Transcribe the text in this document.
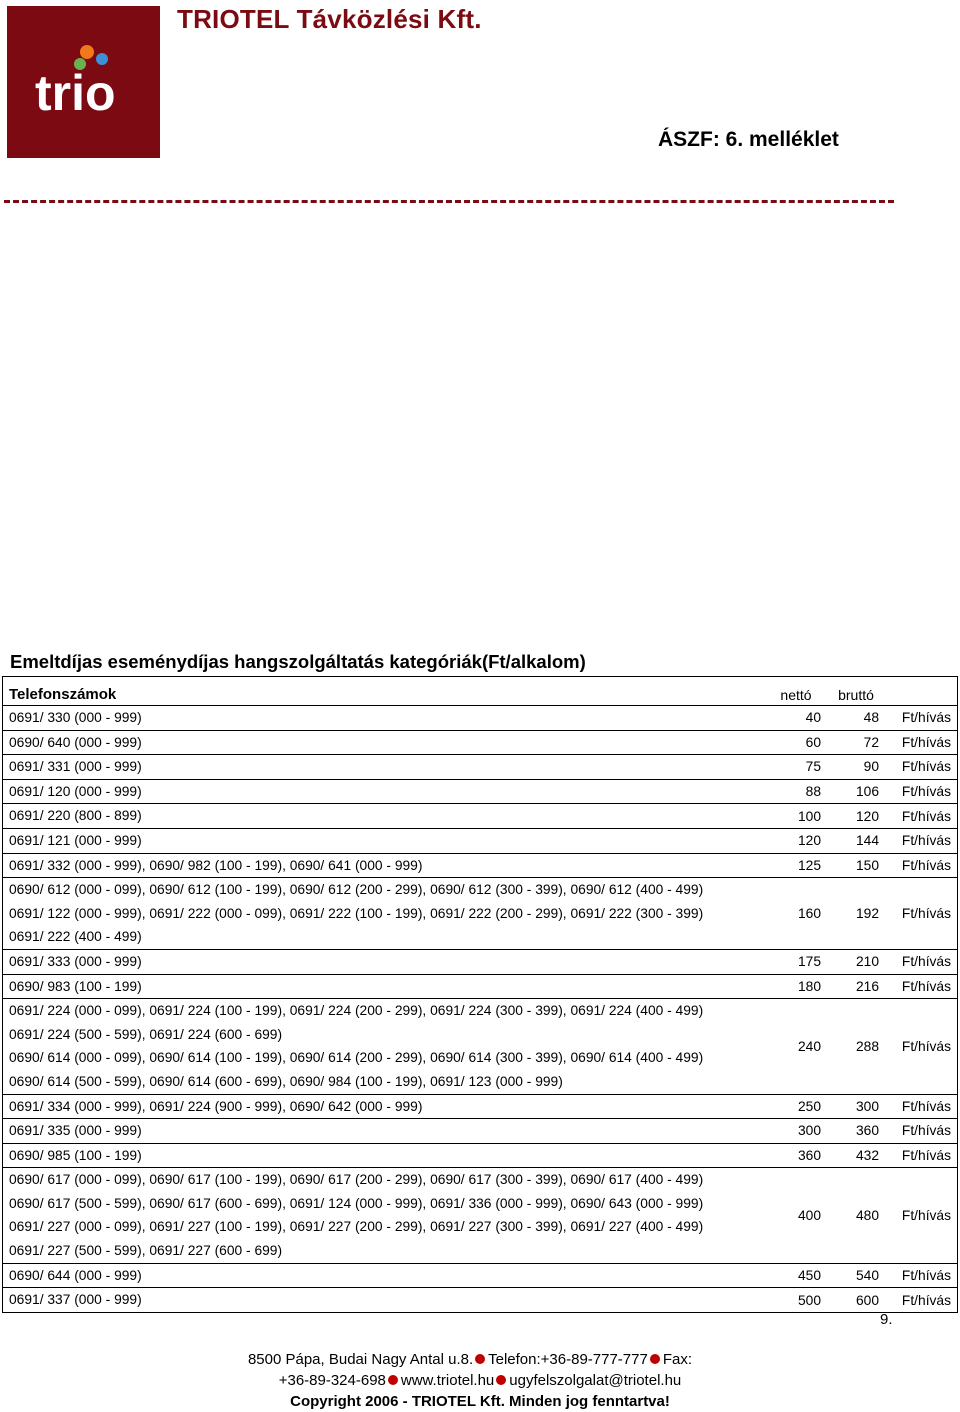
trio
TRIOTEL Távközlési Kft.
ÁSZF: 6. melléklet
Emeltdíjas eseménydíjas hangszolgáltatás kategóriák(Ft/alkalom)
Telefonszámok	nettó	bruttó	

0691/ 330 (000 - 999)	40	48	Ft/hívás

0690/ 640 (000 - 999)	60	72	Ft/hívás

0691/ 331 (000 - 999)	75	90	Ft/hívás

0691/ 120 (000 - 999)	88	106	Ft/hívás

0691/ 220 (800 - 899)	100	120	Ft/hívás

0691/ 121 (000 - 999)	120	144	Ft/hívás

0691/ 332 (000 - 999), 0690/ 982 (100 - 199), 0690/ 641 (000 - 999)	125	150	Ft/hívás

0690/ 612 (000 - 099), 0690/ 612 (100 - 199), 0690/ 612 (200 - 299), 0690/ 612 (300 - 399), 0690/ 612 (400 - 499)
0691/ 122 (000 - 999), 0691/ 222 (000 - 099), 0691/ 222 (100 - 199), 0691/ 222 (200 - 299), 0691/ 222 (300 - 399)
0691/ 222 (400 - 499)	160	192	Ft/hívás

0691/ 333 (000 - 999)	175	210	Ft/hívás

0690/ 983 (100 - 199)	180	216	Ft/hívás

0691/ 224 (000 - 099), 0691/ 224 (100 - 199), 0691/ 224 (200 - 299), 0691/ 224 (300 - 399), 0691/ 224 (400 - 499)
0691/ 224 (500 - 599), 0691/ 224 (600 - 699)
0690/ 614 (000 - 099), 0690/ 614 (100 - 199), 0690/ 614 (200 - 299), 0690/ 614 (300 - 399), 0690/ 614 (400 - 499)
0690/ 614 (500 - 599), 0690/ 614 (600 - 699), 0690/ 984 (100 - 199), 0691/ 123 (000 - 999)	240	288	Ft/hívás

0691/ 334 (000 - 999), 0691/ 224 (900 - 999), 0690/ 642 (000 - 999)	250	300	Ft/hívás

0691/ 335 (000 - 999)	300	360	Ft/hívás

0690/ 985 (100 - 199)	360	432	Ft/hívás

0690/ 617 (000 - 099), 0690/ 617 (100 - 199), 0690/ 617 (200 - 299), 0690/ 617 (300 - 399), 0690/ 617 (400 - 499)
0690/ 617 (500 - 599), 0690/ 617 (600 - 699), 0691/ 124 (000 - 999), 0691/ 336 (000 - 999), 0690/ 643 (000 - 999)
0691/ 227 (000 - 099), 0691/ 227 (100 - 199), 0691/ 227 (200 - 299), 0691/ 227 (300 - 399), 0691/ 227 (400 - 499)
0691/ 227 (500 - 599), 0691/ 227 (600 - 699)	400	480	Ft/hívás

0690/ 644 (000 - 999)	450	540	Ft/hívás

0691/ 337 (000 - 999)	500	600	Ft/hívás
9.
8500 Pápa, Budai Nagy Antal u.8. Telefon:+36-89-777-777 Fax:
+36-89-324-698 www.triotel.hu ugyfelszolgalat@triotel.hu
Copyright 2006 - TRIOTEL Kft. Minden jog fenntartva!
